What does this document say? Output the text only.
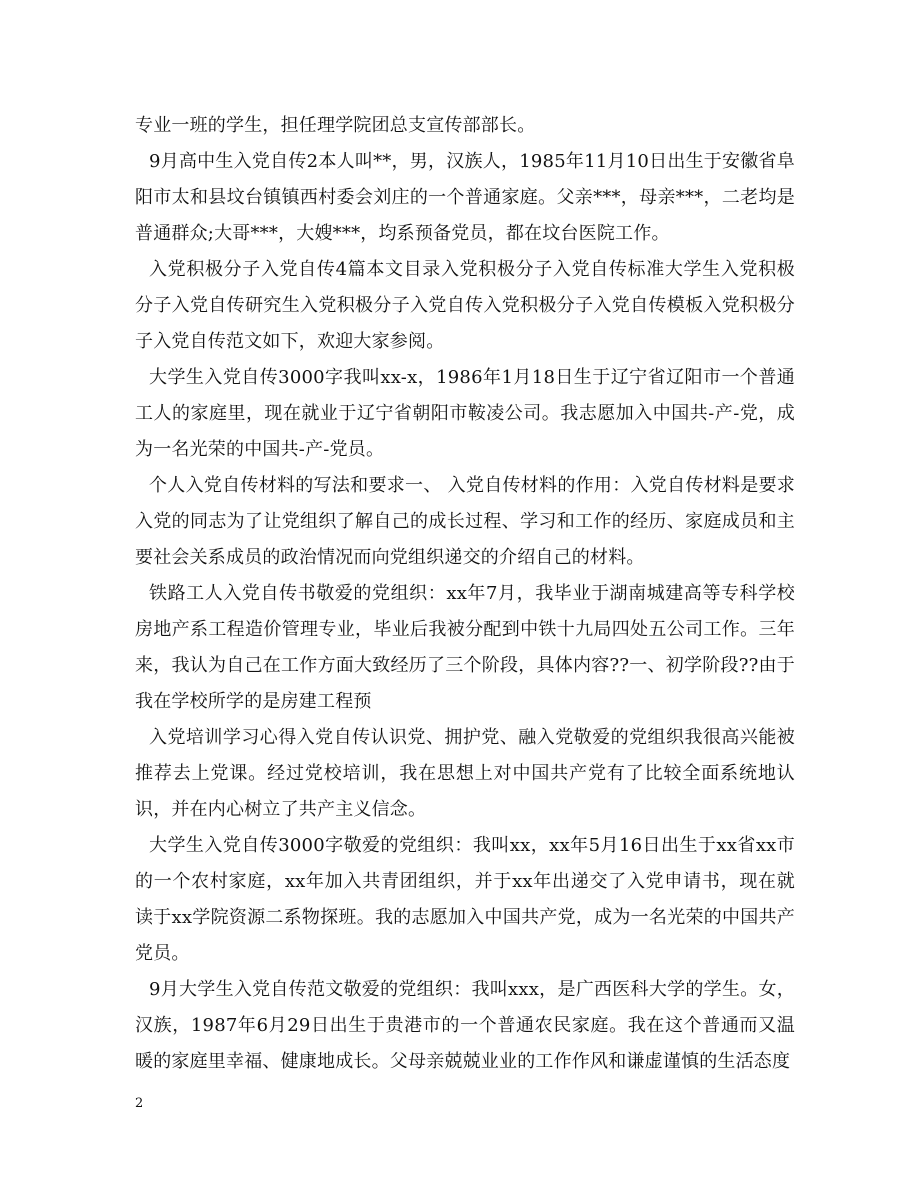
专业一班的学生，担任理学院团总支宣传部部长。

9月高中生入党自传2本人叫**，男，汉族人，1985年11月10日出生于安徽省阜阳市太和县坟台镇镇西村委会刘庄的一个普通家庭。父亲***，母亲***，二老均是普通群众;大哥***，大嫂***，均系预备党员，都在坟台医院工作。

入党积极分子入党自传4篇本文目录入党积极分子入党自传标准大学生入党积极分子入党自传研究生入党积极分子入党自传入党积极分子入党自传模板入党积极分子入党自传范文如下，欢迎大家参阅。

大学生入党自传3000字我叫xx-x，1986年1月18日生于辽宁省辽阳市一个普通工人的家庭里，现在就业于辽宁省朝阳市鞍凌公司。我志愿加入中国共-产-党，成为一名光荣的中国共-产-党员。

个人入党自传材料的写法和要求一、 入党自传材料的作用：入党自传材料是要求入党的同志为了让党组织了解自己的成长过程、学习和工作的经历、家庭成员和主要社会关系成员的政治情况而向党组织递交的介绍自己的材料。

铁路工人入党自传书敬爱的党组织：xx年7月，我毕业于湖南城建高等专科学校房地产系工程造价管理专业，毕业后我被分配到中铁十九局四处五公司工作。三年来，我认为自己在工作方面大致经历了三个阶段，具体内容??一、初学阶段??由于我在学校所学的是房建工程预

入党培训学习心得入党自传认识党、拥护党、融入党敬爱的党组织我很高兴能被推荐去上党课。经过党校培训，我在思想上对中国共产党有了比较全面系统地认识，并在内心树立了共产主义信念。

大学生入党自传3000字敬爱的党组织：我叫xx，xx年5月16日出生于xx省xx市的一个农村家庭，xx年加入共青团组织，并于xx年出递交了入党申请书，现在就读于xx学院资源二系物探班。我的志愿加入中国共产党，成为一名光荣的中国共产党员。

9月大学生入党自传范文敬爱的党组织：我叫xxx，是广西医科大学的学生。女，汉族，1987年6月29日出生于贵港市的一个普通农民家庭。我在这个普通而又温暖的家庭里幸福、健康地成长。父母亲兢兢业业的工作作风和谦虚谨慎的生活态度

2
